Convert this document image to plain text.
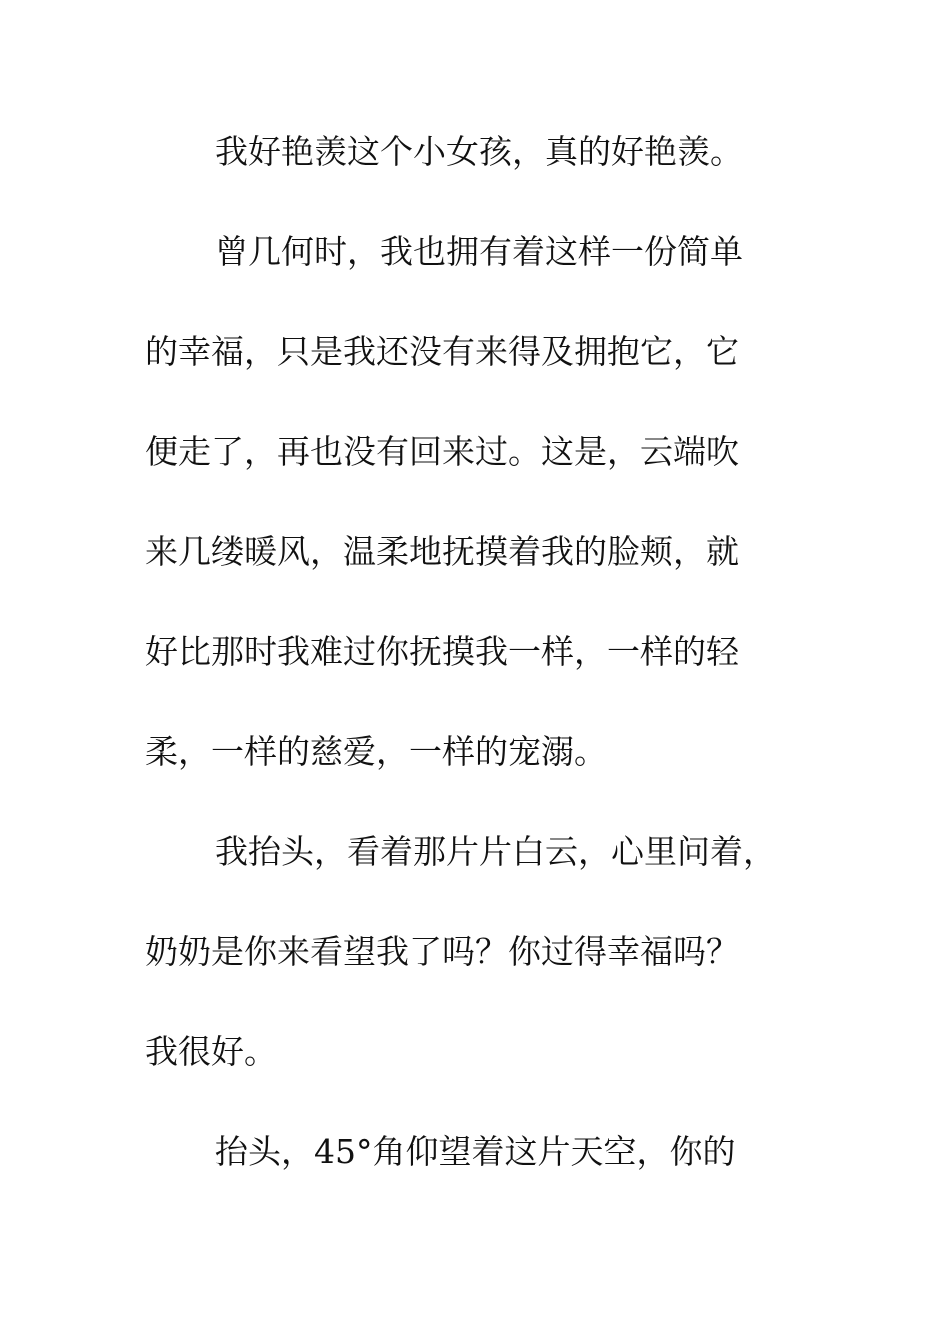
我好艳羡这个小女孩，真的好艳羡。
曾几何时，我也拥有着这样一份简单
的幸福，只是我还没有来得及拥抱它，它
便走了，再也没有回来过。这是，云端吹
来几缕暖风，温柔地抚摸着我的脸颊，就
好比那时我难过你抚摸我一样，一样的轻
柔，一样的慈爱，一样的宠溺。
我抬头，看着那片片白云，心里问着，
奶奶是你来看望我了吗？你过得幸福吗？
我很好。
抬头，45°角仰望着这片天空，你的
